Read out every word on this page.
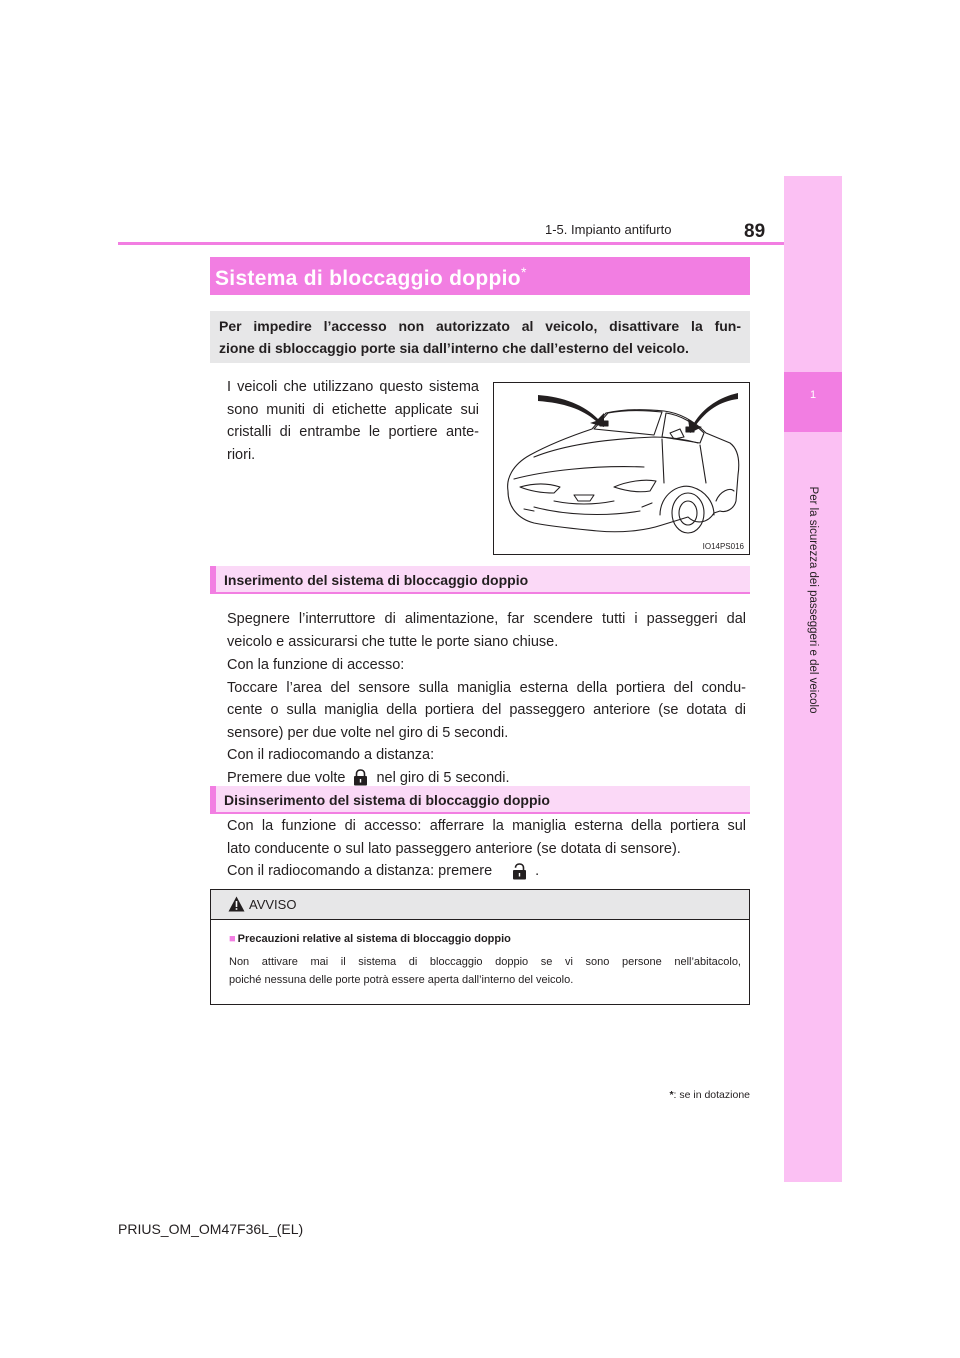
1
Per la sicurezza dei passeggeri e del veicolo
1-5. Impianto antifurto	89
Sistema di bloccaggio doppio*
Per impedire l’accesso non autorizzato al veicolo, disattivare la fun-
zione di sbloccaggio porte sia dall’interno che dall’esterno del veicolo.
I veicoli che utilizzano questo sistema
sono muniti di etichette applicate sui
cristalli di entrambe le portiere ante-
riori.
IO14PS016
Inserimento del sistema di bloccaggio doppio
Spegnere l’interruttore di alimentazione, far scendere tutti i passeggeri dal
veicolo e assicurarsi che tutte le porte siano chiuse.
Con la funzione di accesso:
Toccare l’area del sensore sulla maniglia esterna della portiera del condu-
cente o sulla maniglia della portiera del passeggero anteriore (se dotata di
sensore) per due volte nel giro di 5 secondi.
Con il radiocomando a distanza:
Premere due volte nel giro di 5 secondi.
Disinserimento del sistema di bloccaggio doppio
Con la funzione di accesso: afferrare la maniglia esterna della portiera sul
lato conducente o sul lato passeggero anteriore (se dotata di sensore).
Con il radiocomando a distanza: premere	.
AVVISO
■ Precauzioni relative al sistema di bloccaggio doppio
Non attivare mai il sistema di bloccaggio doppio se vi sono persone nell’abitacolo,
poiché nessuna delle porte potrà essere aperta dall’interno del veicolo.
*: se in dotazione
PRIUS_OM_OM47F36L_(EL)
